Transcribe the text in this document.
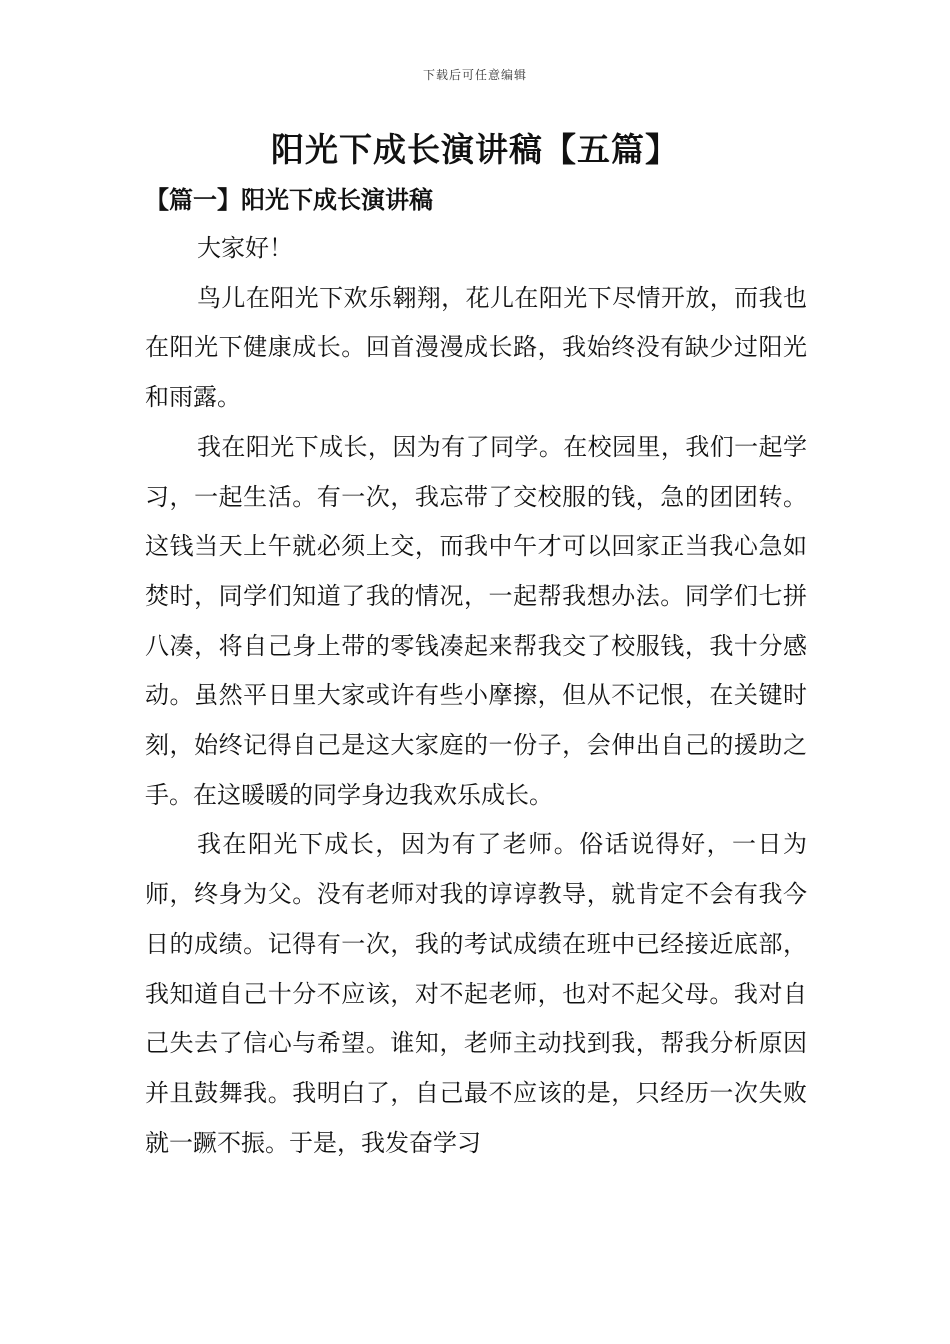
下载后可任意编辑
阳光下成长演讲稿【五篇】
【篇一】阳光下成长演讲稿

大家好！

鸟儿在阳光下欢乐翱翔，花儿在阳光下尽情开放，而我也在阳光下健康成长。回首漫漫成长路，我始终没有缺少过阳光和雨露。

我在阳光下成长，因为有了同学。在校园里，我们一起学习，一起生活。有一次，我忘带了交校服的钱，急的团团转。这钱当天上午就必须上交，而我中午才可以回家正当我心急如焚时，同学们知道了我的情况，一起帮我想办法。同学们七拼八凑，将自己身上带的零钱凑起来帮我交了校服钱，我十分感动。虽然平日里大家或许有些小摩擦，但从不记恨，在关键时刻，始终记得自己是这大家庭的一份子，会伸出自己的援助之手。在这暖暖的同学身边我欢乐成长。

我在阳光下成长，因为有了老师。俗话说得好，一日为师，终身为父。没有老师对我的谆谆教导，就肯定不会有我今日的成绩。记得有一次，我的考试成绩在班中已经接近底部，我知道自己十分不应该，对不起老师，也对不起父母。我对自己失去了信心与希望。谁知，老师主动找到我，帮我分析原因并且鼓舞我。我明白了，自己最不应该的是，只经历一次失败就一蹶不振。于是，我发奋学习
